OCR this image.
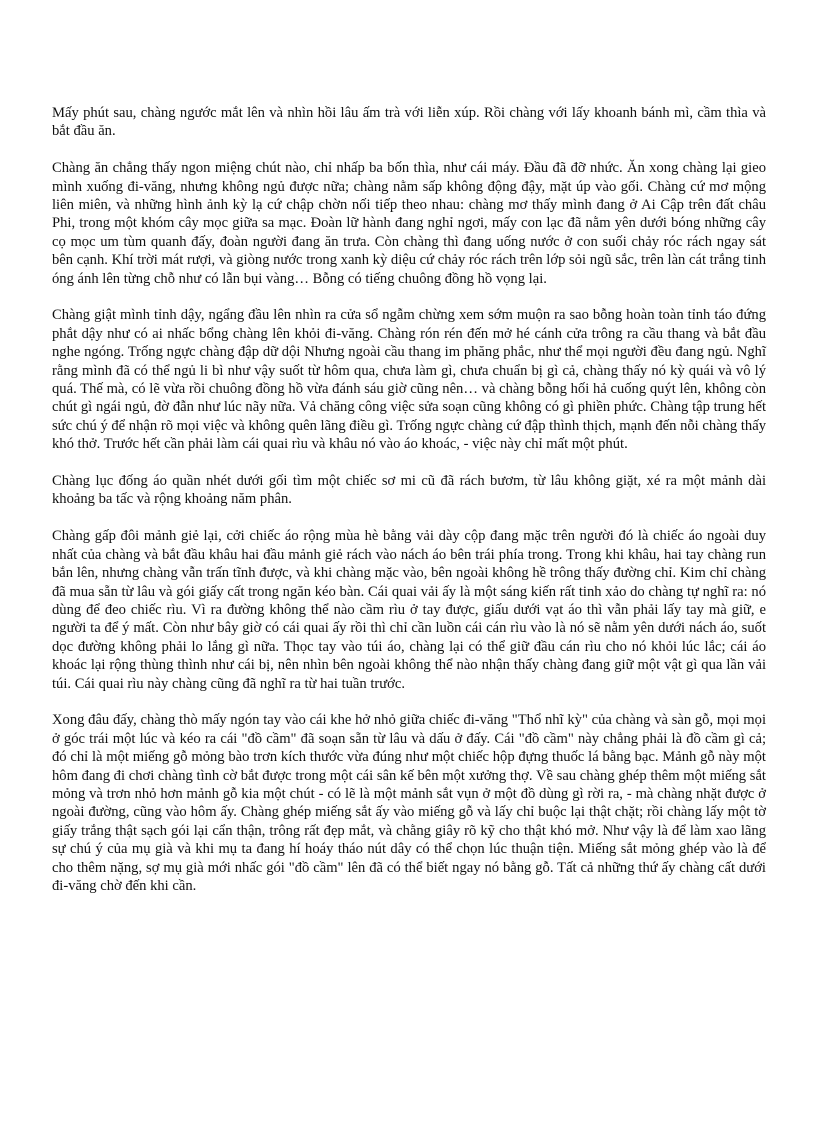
Mấy phút sau, chàng ngước mắt lên và nhìn hồi lâu ấm trà với liễn xúp. Rồi chàng với lấy khoanh bánh mì, cầm thìa và bắt đầu ăn.

Chàng ăn chẳng thấy ngon miệng chút nào, chỉ nhấp ba bốn thìa, như cái máy. Đầu đã đỡ nhức. Ăn xong chàng lại gieo mình xuống đi-văng, nhưng không ngủ được nữa; chàng nằm sấp không động đậy, mặt úp vào gối. Chàng cứ mơ mộng liên miên, và những hình ảnh kỳ lạ cứ chập chờn nối tiếp theo nhau: chàng mơ thấy mình đang ở Ai Cập trên đất châu Phi, trong một khóm cây mọc giữa sa mạc. Đoàn lữ hành đang nghỉ ngơi, mấy con lạc đã nằm yên dưới bóng những cây cọ mọc um tùm quanh đấy, đoàn người đang ăn trưa. Còn chàng thì đang uống nước ở con suối chảy róc rách ngay sát bên cạnh. Khí trời mát rượi, và giòng nước trong xanh kỳ diệu cứ chảy róc rách trên lớp sỏi ngũ sắc, trên làn cát trắng tinh óng ánh lên từng chỗ như có lẫn bụi vàng… Bỗng có tiếng chuông đồng hồ vọng lại.

Chàng giật mình tỉnh dậy, ngẩng đầu lên nhìn ra cửa sổ ngẫm chừng xem sớm muộn ra sao bỗng hoàn toàn tỉnh táo đứng phắt dậy như có ai nhấc bổng chàng lên khỏi đi-văng. Chàng rón rén đến mở hé cánh cửa trông ra cầu thang và bắt đầu nghe ngóng. Trống ngực chàng đập dữ dội Nhưng ngoài cầu thang im phăng phắc, như thể mọi người đều đang ngủ. Nghĩ rằng mình đã có thể ngủ li bì như vậy suốt từ hôm qua, chưa làm gì, chưa chuẩn bị gì cả, chàng thấy nó kỳ quái và vô lý quá. Thế mà, có lẽ vừa rồi chuông đồng hồ vừa đánh sáu giờ cũng nên… và chàng bỗng hối hả cuống quýt lên, không còn chút gì ngái ngủ, đờ đẫn như lúc nãy nữa. Vả chăng công việc sửa soạn cũng không có gì phiền phức. Chàng tập trung hết sức chú ý để nhận rõ mọi việc và không quên lãng điều gì. Trống ngực chàng cứ đập thình thịch, mạnh đến nỗi chàng thấy khó thở. Trước hết cần phải làm cái quai rìu và khâu nó vào áo khoác, - việc này chỉ mất một phút.

Chàng lục đống áo quần nhét dưới gối tìm một chiếc sơ mi cũ đã rách bươm, từ lâu không giặt, xé ra một mảnh dài khoảng ba tấc và rộng khoảng năm phân.

Chàng gấp đôi mảnh giẻ lại, cởi chiếc áo rộng mùa hè bằng vải dày cộp đang mặc trên người đó là chiếc áo ngoài duy nhất của chàng và bắt đầu khâu hai đầu mảnh giẻ rách vào nách áo bên trái phía trong. Trong khi khâu, hai tay chàng run bắn lên, nhưng chàng vẫn trấn tĩnh được, và khi chàng mặc vào, bên ngoài không hề trông thấy đường chỉ. Kim chỉ chàng đã mua sẵn từ lâu và gói giấy cất trong ngăn kéo bàn. Cái quai vải ấy là một sáng kiến rất tinh xảo do chàng tự nghĩ ra: nó dùng để đeo chiếc rìu. Vì ra đường không thể nào cầm rìu ở tay được, giấu dưới vạt áo thì vẫn phải lấy tay mà giữ, e người ta để ý mất. Còn như bây giờ có cái quai ấy rồi thì chỉ cần luồn cái cán rìu vào là nó sẽ nằm yên dưới nách áo, suốt dọc đường không phải lo lắng gì nữa. Thọc tay vào túi áo, chàng lại có thể giữ đầu cán rìu cho nó khỏi lúc lắc; cái áo khoác lại rộng thùng thình như cái bị, nên nhìn bên ngoài không thể nào nhận thấy chàng đang giữ một vật gì qua lần vải túi. Cái quai rìu này chàng cũng đã nghĩ ra từ hai tuần trước.

Xong đâu đấy, chàng thò mấy ngón tay vào cái khe hở nhỏ giữa chiếc đi-văng "Thổ nhĩ kỳ" của chàng và sàn gỗ, mọi mọi ở góc trái một lúc và kéo ra cái "đồ cầm" đã soạn sẵn từ lâu và dấu ở đấy. Cái "đồ cầm" này chẳng phải là đồ cầm gì cả; đó chỉ là một miếng gỗ mỏng bào trơn kích thước vừa đúng như một chiếc hộp đựng thuốc lá bằng bạc. Mảnh gỗ này một hôm đang đi chơi chàng tình cờ bắt được trong một cái sân kế bên một xưởng thợ. Về sau chàng ghép thêm một miếng sắt mỏng và trơn nhỏ hơn mảnh gỗ kia một chút - có lẽ là một mảnh sắt vụn ở một đồ dùng gì rời ra, - mà chàng nhặt được ở ngoài đường, cũng vào hôm ấy. Chàng ghép miếng sắt ấy vào miếng gỗ và lấy chỉ buộc lại thật chặt; rồi chàng lấy một tờ giấy trắng thật sạch gói lại cẩn thận, trông rất đẹp mắt, và chằng giây rõ kỹ cho thật khó mở. Như vậy là để làm xao lãng sự chú ý của mụ già và khi mụ ta đang hí hoáy tháo nút dây có thể chọn lúc thuận tiện. Miếng sắt mỏng ghép vào là để cho thêm nặng, sợ mụ già mới nhấc gói "đồ cầm" lên đã có thể biết ngay nó bằng gỗ. Tất cả những thứ ấy chàng cất dưới đi-văng chờ đến khi cần.
